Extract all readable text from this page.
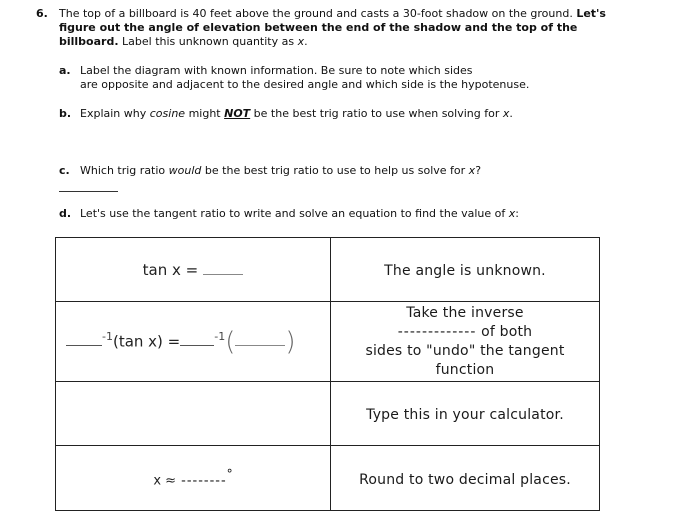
6. The top of a billboard is 40 feet above the ground and casts a 30-foot shadow on the ground. Let's
figure out the angle of elevation between the end of the shadow and the top of the
billboard. Label this unknown quantity as x.
a. Label the diagram with known information. Be sure to note which sides
are opposite and adjacent to the desired angle and which side is the hypotenuse.
b. Explain why cosine might NOT be the best trig ratio to use when solving for x.
c. Which trig ratio would be the best trig ratio to use to help us solve for x?
d. Let's use the tangent ratio to write and solve an equation to find the value of x:
tan x =	The angle is unknown.
$^{-1}$(tan x) = $^{-1}$( )	Take the inverse
------------- of both
sides to "undo" the tangent
function

	Type this in your calculator.
x ≈ --------°	Round to two decimal places.
